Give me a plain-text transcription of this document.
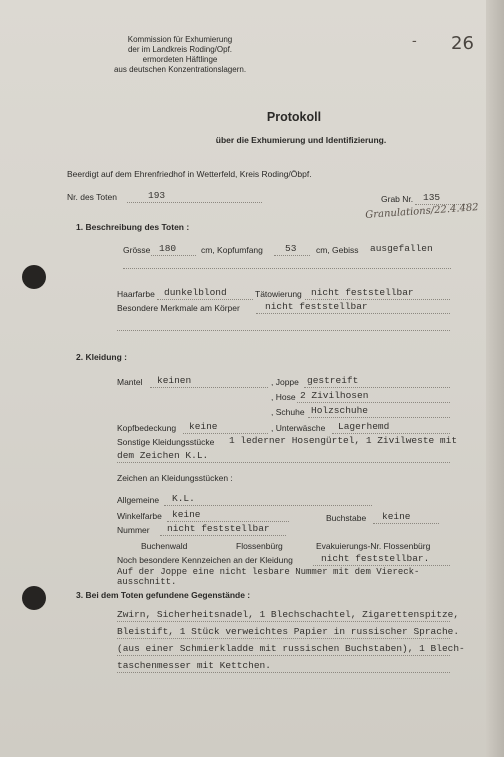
Kommission für Exhumierung
der im Landkreis Roding/Opf.
ermordeten Häftlinge
aus deutschen Konzentrationslagern.
- 26
Protokoll
über die Exhumierung und Identifizierung.
Beerdigt auf dem Ehrenfriedhof in Wetterfeld, Kreis Roding/Öbpf.
Nr. des Toten	193	Grab Nr. 135
Granulations/22.4.482
1. Beschreibung des Toten :
Grösse 180	cm, Kopfumfang 53 cm, Gebiss ausgefallen
Haarfarbe dunkelblond	Tätowierung nicht feststellbar
Besondere Merkmale am Körper	nicht feststellbar
2. Kleidung :
Mantel keinen	, Joppe gestreift
, Hose 2 Zivilhosen
, Schuhe Holzschuhe
Kopfbedeckung keine	, Unterwäsche Lagerhemd
Sonstige Kleidungsstücke 1 lederner Hosengürtel, 1 Zivilweste mit
dem Zeichen K.L.
Zeichen an Kleidungsstücken :
Allgemeine K.L.
Winkelfarbe keine	Buchstabe keine
Nummer nicht feststellbar
Buchenwald	Flossenbürg	Evakuierungs-Nr. Flossenbürg
Noch besondere Kennzeichen an der Kleidung	nicht feststellbar.
Auf der Joppe eine nicht lesbare Nummer mit dem Viereck-
ausschnitt.
3. Bei dem Toten gefundene Gegenstände :
Zwirn, Sicherheitsnadel, 1 Blechschachtel, Zigarettenspitze,
Bleistift, 1 Stück verweichtes Papier in russischer Sprache.
(aus einer Schmierkladde mit russischen Buchstaben), 1 Blech-
taschenmesser mit Kettchen.
